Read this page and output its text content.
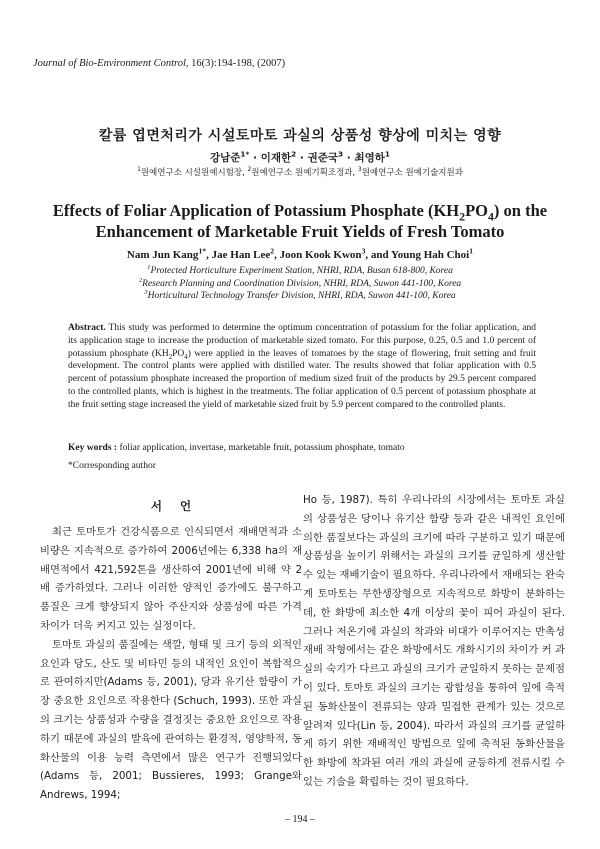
Journal of Bio-Environment Control, 16(3):194-198, (2007)
칼륨 엽면처리가 시설토마토 과실의 상품성 향상에 미치는 영향
강남준$^{1*}$ · 이재한$^2$ · 권준국$^3$ · 최영하$^1$
$^1$원예연구소 시설원예시험장, $^2$원예연구소 원예기획조정과, $^3$원예연구소 원예기술지원과
Effects of Foliar Application of Potassium Phosphate $(KH_2PO_4)$ on the Enhancement of Marketable Fruit Yields of Fresh Tomato
Nam Jun Kang$^{1*}$, Jae Han Lee$^2$, Joon Kook Kwon$^3$, and Young Hah Choi$^1$
$^1$Protected Horticulture Experiment Station, NHRI, RDA, Busan 618-800, Korea
$^2$Research Planning and Coordination Division, NHRI, RDA, Suwon 441-100, Korea
$^3$Horticultural Technology Transfer Division, NHRI, RDA, Suwon 441-100, Korea
Abstract. This study was performed to determine the optimum concentration of potassium for the foliar application, and its application stage to increase the production of marketable sized tomato. For this purpose, 0.25, 0.5 and 1.0 percent of potassium phosphate $(KH_2PO_4)$ were applied in the leaves of tomatoes by the stage of flowering, fruit setting and fruit development. The control plants were applied with distilled water. The results showed that foliar application with 0.5 percent of potassium phosphate increased the proportion of medium sized fruit of the products by 29.5 percent compared to the controlled plants, which is highest in the treatments. The foliar application of 0.5 percent of potassium phosphate at the fruit setting stage increased the yield of marketable sized fruit by 5.9 percent compared to the controlled plants.
Key words : foliar application, invertase, marketable fruit, potassium phosphate, tomato
*Corresponding author
서언

최근 토마토가 건강식품으로 인식되면서 재배면적과 소비량은 지속적으로 증가하여 2006년에는 6,338 ha의 재배면적에서 421,592톤을 생산하여 2001년에 비해 약 2배 증가하였다. 그러나 이러한 양적인 증가에도 불구하고 품질은 크게 향상되지 않아 주산지와 상품성에 따른 가격 차이가 더욱 커지고 있는 실정이다.

토마토 과실의 품질에는 색깔, 형태 및 크기 등의 외적인 요인과 당도, 산도 및 비타민 등의 내적인 요인이 복합적으로 관여하지만(Adams 등, 2001), 당과 유기산 함량이 가장 중요한 요인으로 작용한다 (Schuch, 1993). 또한 과실의 크기는 상품성과 수량을 결정짓는 중요한 요인으로 작용하기 때문에 과실의 발육에 관여하는 환경적, 영양학적, 동화산물의 이용 능력 측면에서 많은 연구가 진행되었다(Adams 등, 2001; Bussieres, 1993; Grange와 Andrews, 1994;

Ho 등, 1987). 특히 우리나라의 시장에서는 토마토 과실의 상품성은 당이나 유기산 함량 등과 같은 내적인 요인에 의한 품질보다는 과실의 크기에 따라 구분하고 있기 때문에 상품성을 높이기 위해서는 과실의 크기를 균일하게 생산할 수 있는 재배기술이 필요하다. 우리나라에서 재배되는 완숙계 토마토는 무한생장형으로 지속적으로 화방이 분화하는데, 한 화방에 최소한 4개 이상의 꽃이 피어 과실이 된다. 그러나 저온기에 과실의 착과와 비대가 이루어지는 반촉성재배 작형에서는 같은 화방에서도 개화시기의 차이가 커 과실의 숙기가 다르고 과실의 크기가 균일하지 못하는 문제점이 있다. 토마토 과실의 크기는 광합성을 통하여 잎에 축적된 동화산물이 전류되는 양과 밀접한 관계가 있는 것으로 알려져 있다(Lin 등, 2004). 따라서 과실의 크기를 균일하게 하기 위한 재배적인 방법으로 잎에 축적된 동화산물을 한 화방에 착과된 여러 개의 과실에 균등하게 전류시킬 수 있는 기술을 확립하는 것이 필요하다.

– 194 –
